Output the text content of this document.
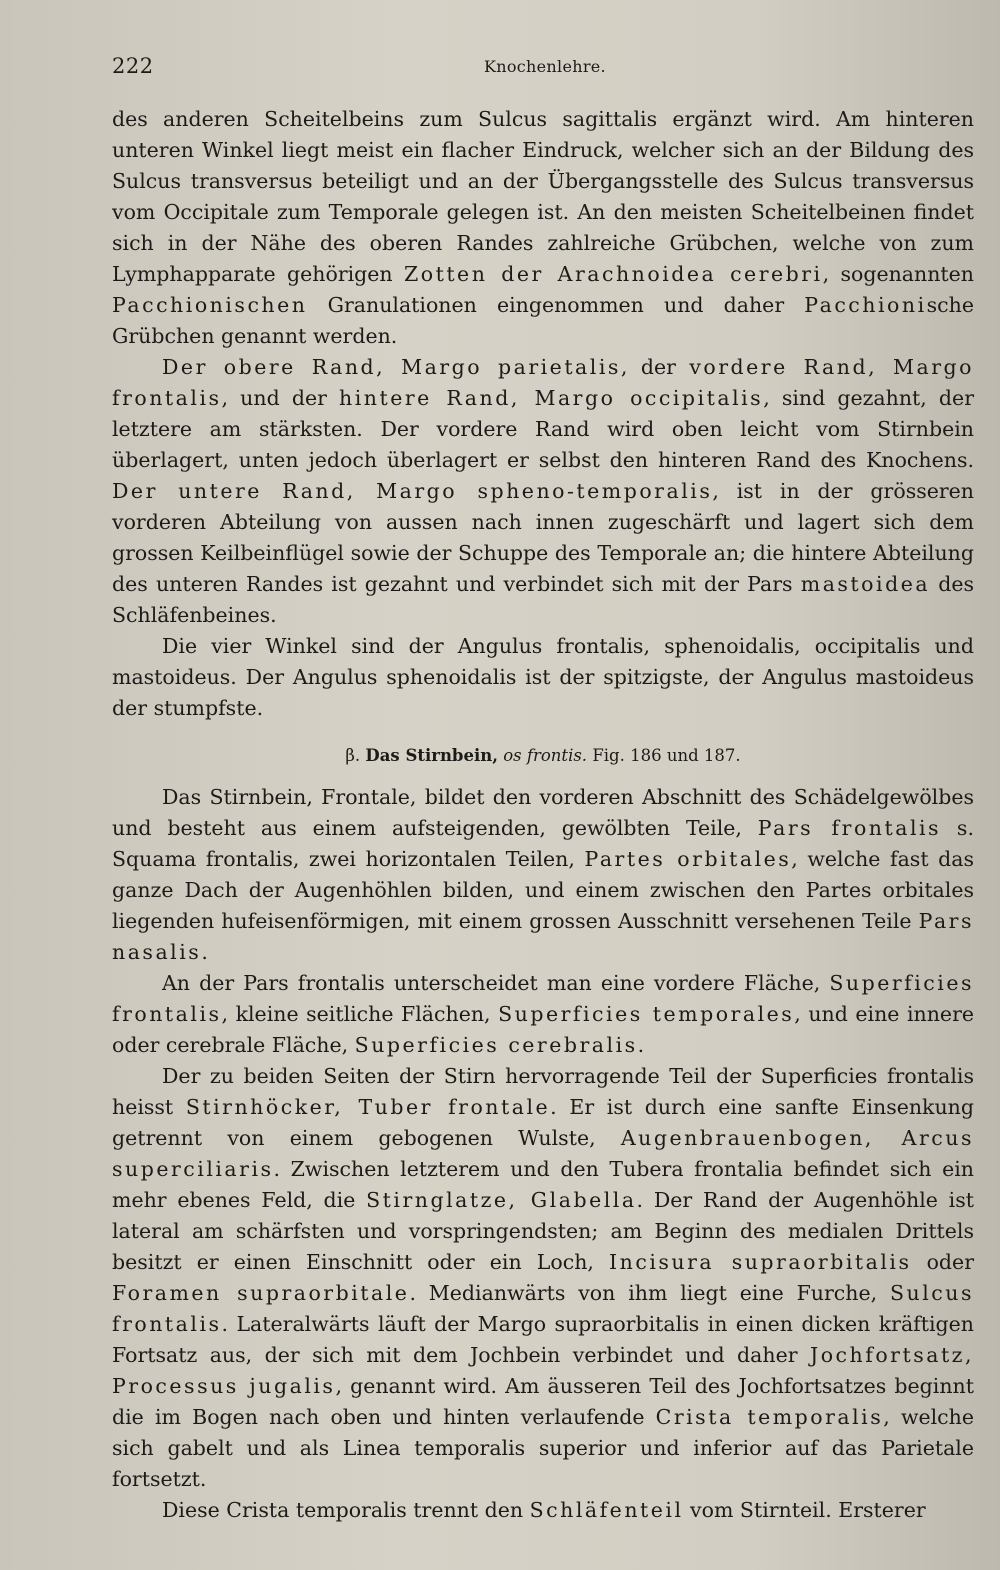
222	Knochenlehre.

des anderen Scheitelbeins zum Sulcus sagittalis ergänzt wird. Am hinteren unteren Winkel liegt meist ein flacher Eindruck, welcher sich an der Bildung des Sulcus transversus beteiligt und an der Übergangsstelle des Sulcus transversus vom Occipitale zum Temporale gelegen ist. An den meisten Scheitelbeinen findet sich in der Nähe des oberen Randes zahlreiche Grübchen, welche von zum Lymphapparate gehörigen Zotten der Arachnoidea cerebri, sogenannten Pacchionischen Granulationen eingenommen und daher Pacchionische Grübchen genannt werden.

Der obere Rand, Margo parietalis, der vordere Rand, Margo frontalis, und der hintere Rand, Margo occipitalis, sind gezahnt, der letztere am stärksten. Der vordere Rand wird oben leicht vom Stirnbein überlagert, unten jedoch überlagert er selbst den hinteren Rand des Knochens. Der untere Rand, Margo spheno-temporalis, ist in der grösseren vorderen Abteilung von aussen nach innen zugeschärft und lagert sich dem grossen Keilbeinflügel sowie der Schuppe des Temporale an; die hintere Abteilung des unteren Randes ist gezahnt und verbindet sich mit der Pars mastoidea des Schläfenbeines.

Die vier Winkel sind der Angulus frontalis, sphenoidalis, occipitalis und mastoideus. Der Angulus sphenoidalis ist der spitzigste, der Angulus mastoideus der stumpfste.

β. Das Stirnbein, os frontis. Fig. 186 und 187.

Das Stirnbein, Frontale, bildet den vorderen Abschnitt des Schädelgewölbes und besteht aus einem aufsteigenden, gewölbten Teile, Pars frontalis s. Squama frontalis, zwei horizontalen Teilen, Partes orbitales, welche fast das ganze Dach der Augenhöhlen bilden, und einem zwischen den Partes orbitales liegenden hufeisenförmigen, mit einem grossen Ausschnitt versehenen Teile Pars nasalis.

An der Pars frontalis unterscheidet man eine vordere Fläche, Superficies frontalis, kleine seitliche Flächen, Superficies temporales, und eine innere oder cerebrale Fläche, Superficies cerebralis.

Der zu beiden Seiten der Stirn hervorragende Teil der Superficies frontalis heisst Stirnhöcker, Tuber frontale. Er ist durch eine sanfte Einsenkung getrennt von einem gebogenen Wulste, Augenbrauenbogen, Arcus superciliaris. Zwischen letzterem und den Tubera frontalia befindet sich ein mehr ebenes Feld, die Stirnglatze, Glabella. Der Rand der Augenhöhle ist lateral am schärfsten und vorspringendsten; am Beginn des medialen Drittels besitzt er einen Einschnitt oder ein Loch, Incisura supraorbitalis oder Foramen supraorbitale. Medianwärts von ihm liegt eine Furche, Sulcus frontalis. Lateralwärts läuft der Margo supraorbitalis in einen dicken kräftigen Fortsatz aus, der sich mit dem Jochbein verbindet und daher Jochfortsatz, Processus jugalis, genannt wird. Am äusseren Teil des Jochfortsatzes beginnt die im Bogen nach oben und hinten verlaufende Crista temporalis, welche sich gabelt und als Linea temporalis superior und inferior auf das Parietale fortsetzt.

Diese Crista temporalis trennt den Schläfenteil vom Stirnteil. Ersterer
